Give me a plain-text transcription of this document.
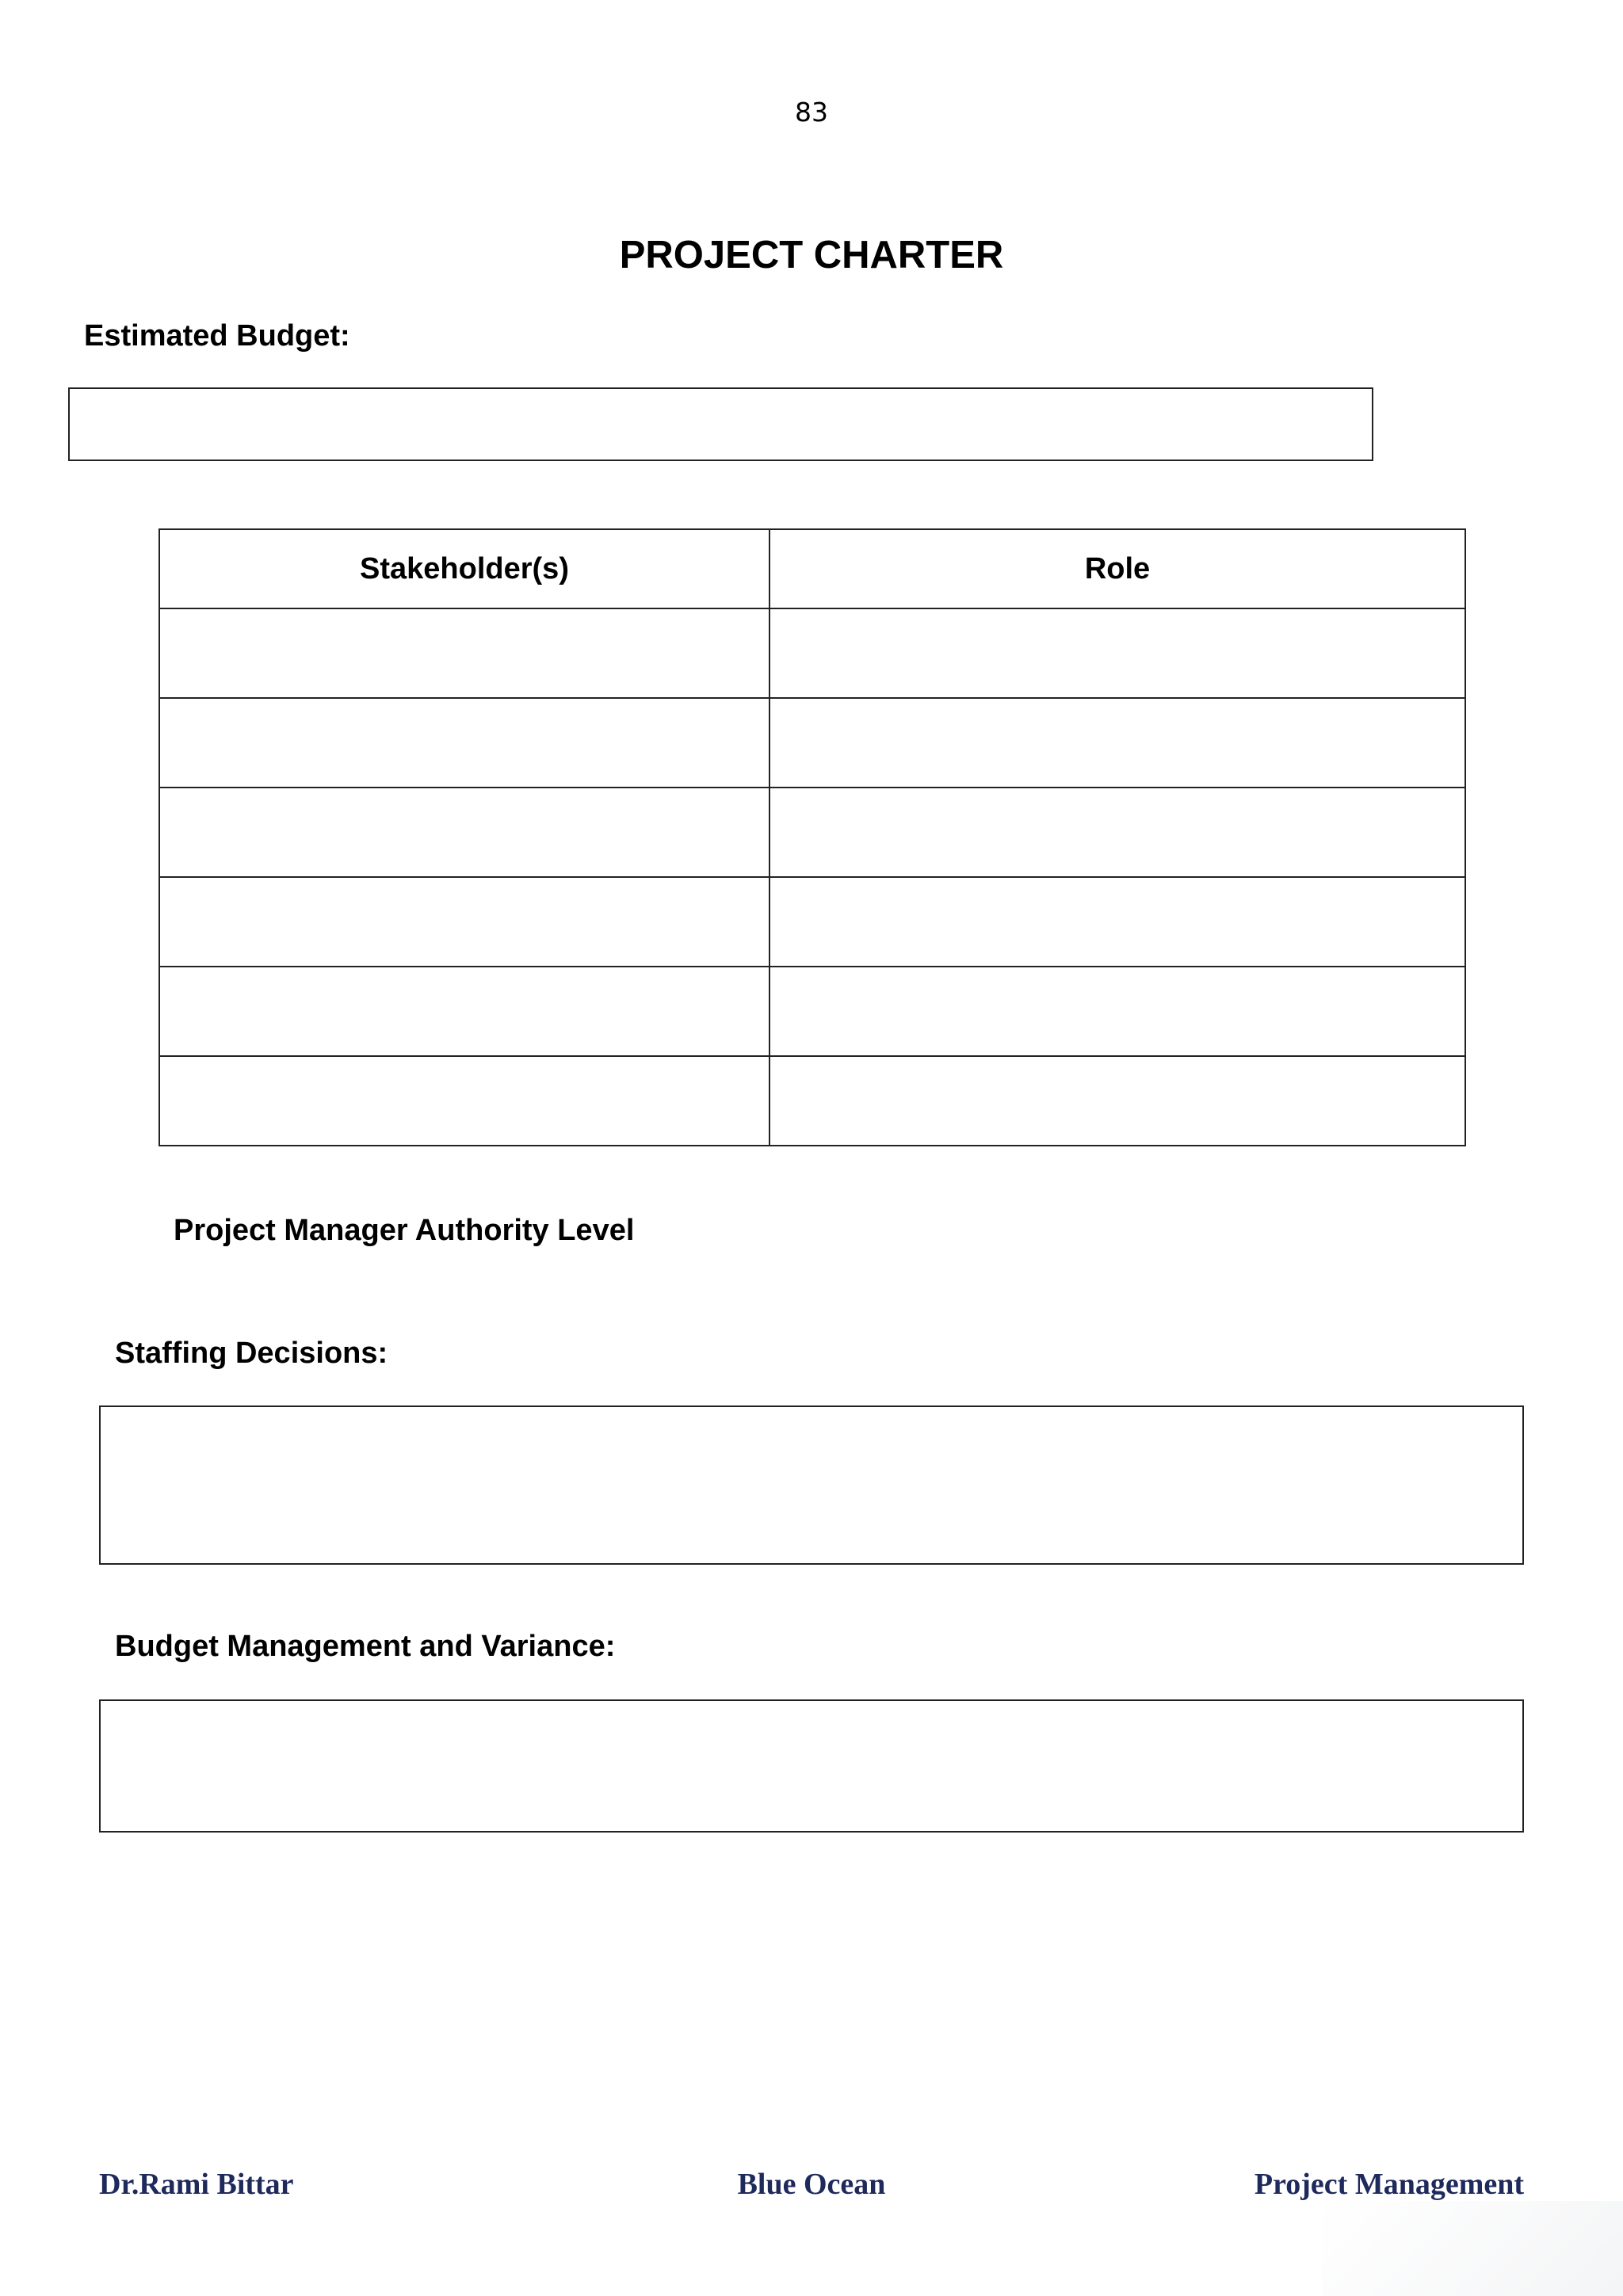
83
PROJECT CHARTER
Estimated Budget:
Stakeholder(s)	Role

Project Manager Authority Level
Staffing Decisions:
Budget Management and Variance:
Dr.Rami Bittar	Blue Ocean	Project Management
